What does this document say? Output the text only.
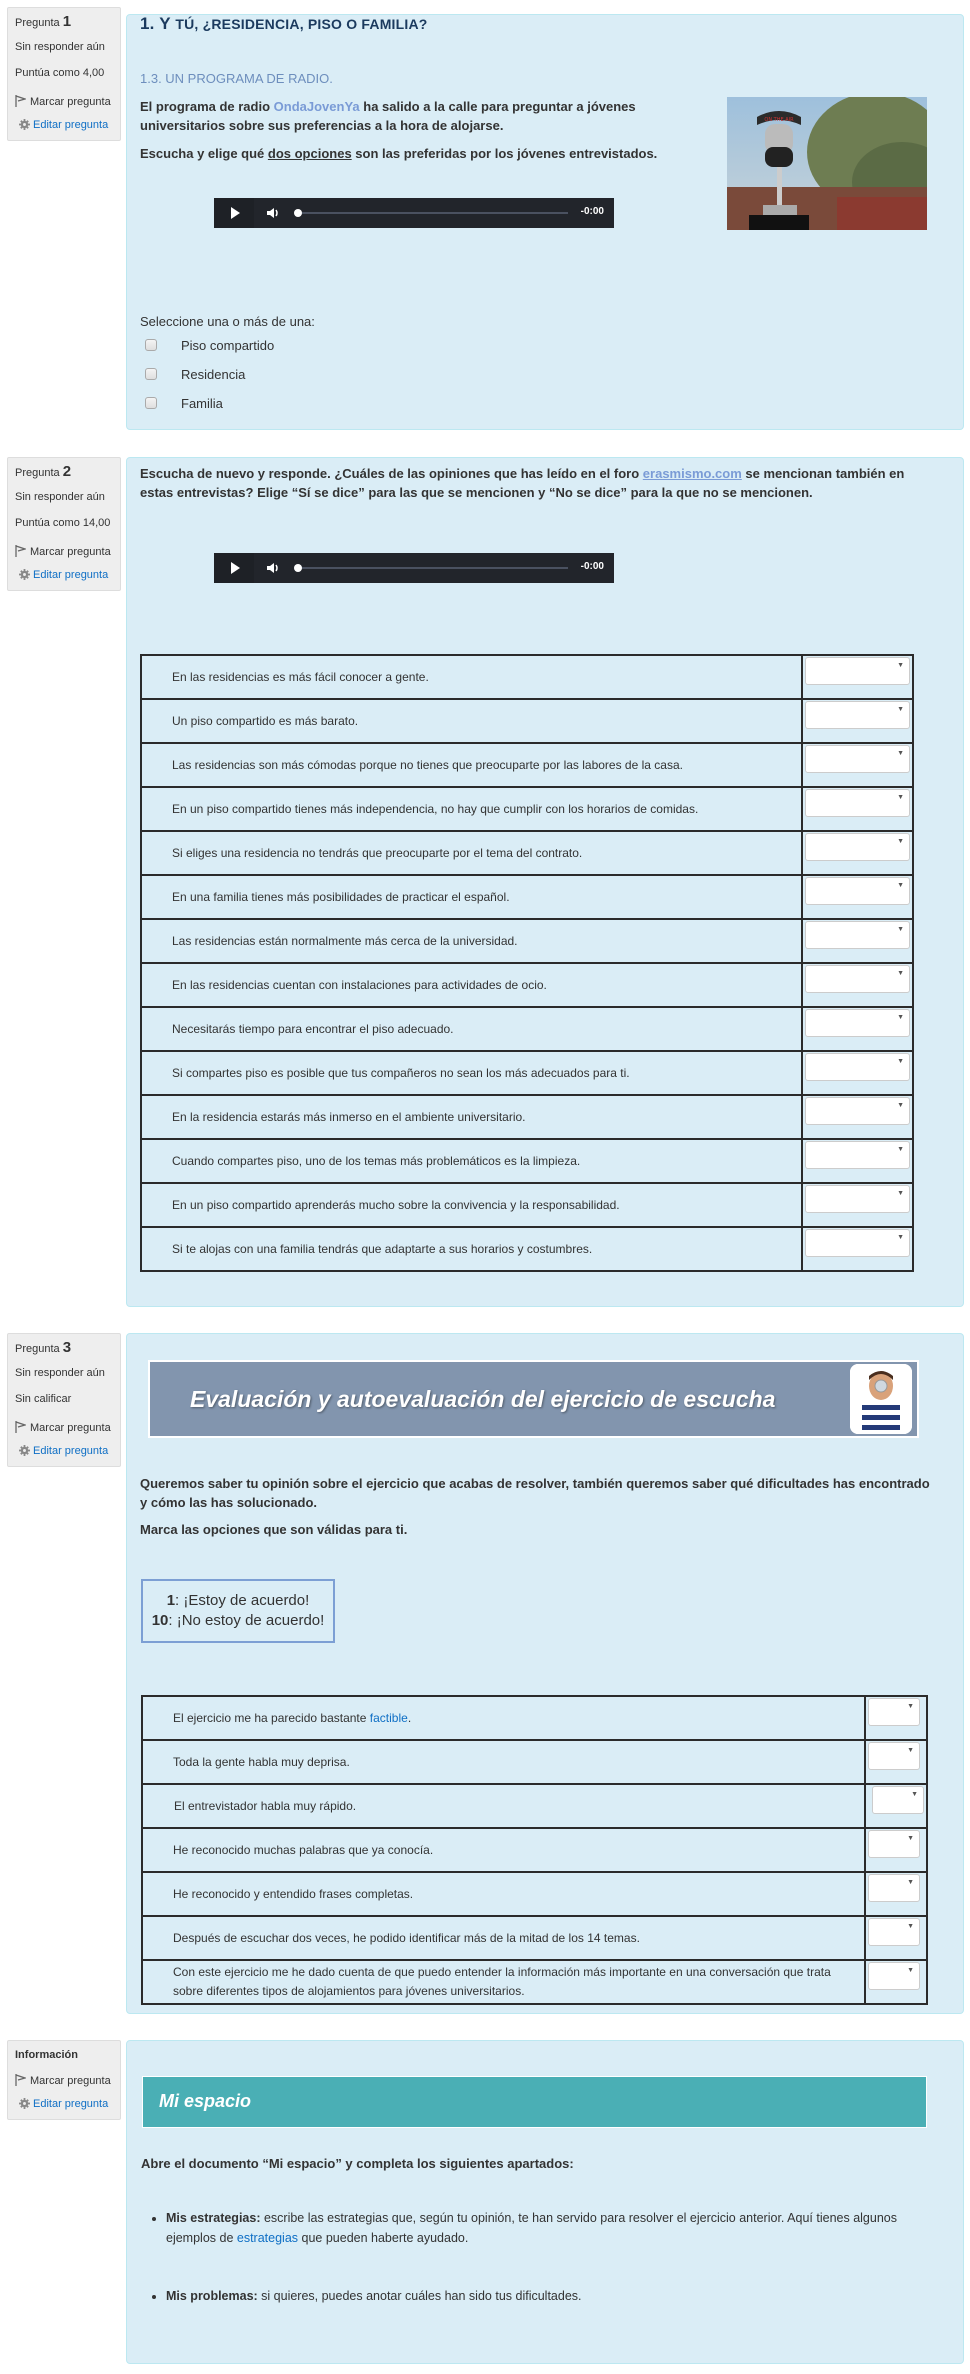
Pregunta 1
Sin responder aún
Puntúa como 4,00
Marcar pregunta
Editar pregunta
1. Y TÚ, ¿RESIDENCIA, PISO O FAMILIA?
1.3. UN PROGRAMA DE RADIO.
El programa de radio OndaJovenYa ha salido a la calle para preguntar a jóvenes universitarios sobre sus preferencias a la hora de alojarse.
Escucha y elige qué dos opciones son las preferidas por los jóvenes entrevistados.
ON THE AIR
-0:00
Seleccione una o más de una:
Piso compartido
Residencia
Familia
Pregunta 2
Sin responder aún
Puntúa como 14,00
Marcar pregunta
Editar pregunta
Escucha de nuevo y responde. ¿Cuáles de las opiniones que has leído en el foro erasmismo.com se mencionan también en estas entrevistas? Elige “Sí se dice” para las que se mencionen y “No se dice” para la que no se mencionen.
-0:00
En las residencias es más fácil conocer a gente.	
▼

Un piso compartido es más barato.	
▼

Las residencias son más cómodas porque no tienes que preocuparte por las labores de la casa.	
▼

En un piso compartido tienes más independencia, no hay que cumplir con los horarios de comidas.	
▼

Si eliges una residencia no tendrás que preocuparte por el tema del contrato.	
▼

En una familia tienes más posibilidades de practicar el español.	
▼

Las residencias están normalmente más cerca de la universidad.	
▼

En las residencias cuentan con instalaciones para actividades de ocio.	
▼

Necesitarás tiempo para encontrar el piso adecuado.	
▼

Si compartes piso es posible que tus compañeros no sean los más adecuados para ti.	
▼

En la residencia estarás más inmerso en el ambiente universitario.	
▼

Cuando compartes piso, uno de los temas más problemáticos es la limpieza.	
▼

En un piso compartido aprenderás mucho sobre la convivencia y la responsabilidad.	
▼

Si te alojas con una familia tendrás que adaptarte a sus horarios y costumbres.	
▼
Pregunta 3
Sin responder aún
Sin calificar
Marcar pregunta
Editar pregunta
Evaluación y autoevaluación del ejercicio de escucha
Queremos saber tu opinión sobre el ejercicio que acabas de resolver, también queremos saber qué dificultades has encontrado y cómo las has solucionado.
Marca las opciones que son válidas para ti.
1: ¡Estoy de acuerdo!
10: ¡No estoy de acuerdo!
El ejercicio me ha parecido bastante factible.	
▼

Toda la gente habla muy deprisa.	
▼

El entrevistador habla muy rápido.	
▼

He reconocido muchas palabras que ya conocía.	
▼

He reconocido y entendido frases completas.	
▼

Después de escuchar dos veces, he podido identificar más de la mitad de los 14 temas.	
▼

Con este ejercicio me he dado cuenta de que puedo entender la información más importante en una conversación que trata sobre diferentes tipos de alojamientos para jóvenes universitarios.	
▼
Información
Marcar pregunta
Editar pregunta	Mi espacio
Abre el documento “Mi espacio” y completa los siguientes apartados:
• Mis estrategias: escribe las estrategias que, según tu opinión, te han servido para resolver el ejercicio anterior. Aquí tienes algunos ejemplos de estrategias que pueden haberte ayudado.
• Mis problemas: si quieres, puedes anotar cuáles han sido tus dificultades.
